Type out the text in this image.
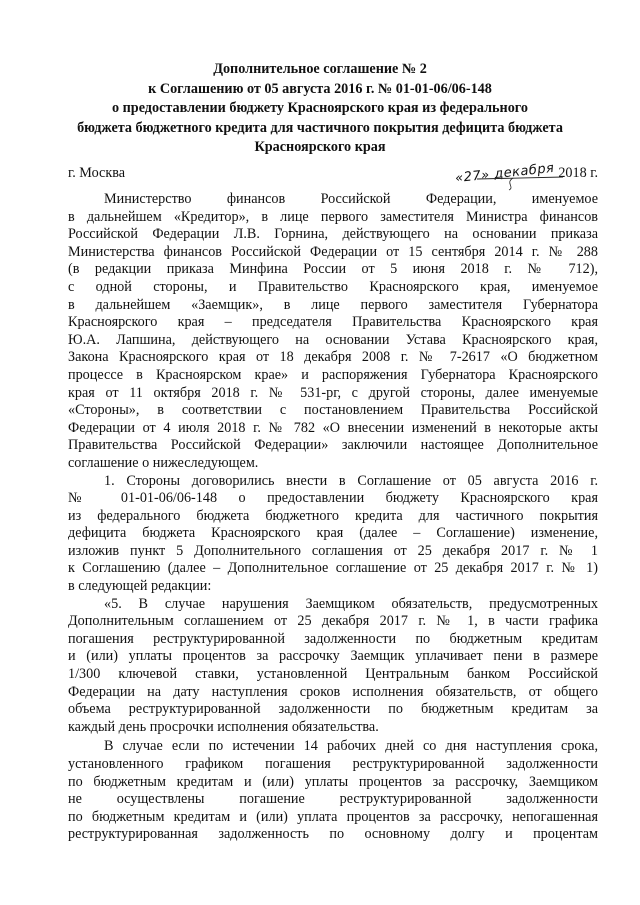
Дополнительное соглашение № 2
к Соглашению от 05 августа 2016 г. № 01-01-06/06-148
о предоставлении бюджету Красноярского края из федерального
бюджета бюджетного кредита для частичного покрытия дефицита бюджета
Красноярского края
г. Москва	«27» декабря 2018 г.
Министерство финансов Российской Федерации, именуемое
в дальнейшем «Кредитор», в лице первого заместителя Министра финансов
Российской Федерации Л.В. Горнина, действующего на основании приказа
Министерства финансов Российской Федерации от 15 сентября 2014 г. № 288
(в редакции приказа Минфина России от 5 июня 2018 г. № 712),
с одной стороны, и Правительство Красноярского края, именуемое
в дальнейшем «Заемщик», в лице первого заместителя Губернатора
Красноярского края – председателя Правительства Красноярского края
Ю.А. Лапшина, действующего на основании Устава Красноярского края,
Закона Красноярского края от 18 декабря 2008 г. № 7-2617 «О бюджетном
процессе в Красноярском крае» и распоряжения Губернатора Красноярского
края от 11 октября 2018 г. № 531-рг, с другой стороны, далее именуемые
«Стороны», в соответствии с постановлением Правительства Российской
Федерации от 4 июля 2018 г. № 782 «О внесении изменений в некоторые акты
Правительства Российской Федерации» заключили настоящее Дополнительное
соглашение о нижеследующем.
1. Стороны договорились внести в Соглашение от 05 августа 2016 г.
№ 01-01-06/06-148 о предоставлении бюджету Красноярского края
из федерального бюджета бюджетного кредита для частичного покрытия
дефицита бюджета Красноярского края (далее – Соглашение) изменение,
изложив пункт 5 Дополнительного соглашения от 25 декабря 2017 г. № 1
к Соглашению (далее – Дополнительное соглашение от 25 декабря 2017 г. № 1)
в следующей редакции:
«5. В случае нарушения Заемщиком обязательств, предусмотренных
Дополнительным соглашением от 25 декабря 2017 г. № 1, в части графика
погашения реструктурированной задолженности по бюджетным кредитам
и (или) уплаты процентов за рассрочку Заемщик уплачивает пени в размере
1/300 ключевой ставки, установленной Центральным банком Российской
Федерации на дату наступления сроков исполнения обязательств, от общего
объема реструктурированной задолженности по бюджетным кредитам за
каждый день просрочки исполнения обязательства.
В случае если по истечении 14 рабочих дней со дня наступления срока,
установленного графиком погашения реструктурированной задолженности
по бюджетным кредитам и (или) уплаты процентов за рассрочку, Заемщиком
не осуществлены погашение реструктурированной задолженности
по бюджетным кредитам и (или) уплата процентов за рассрочку, непогашенная
реструктурированная задолженность по основному долгу и процентам
